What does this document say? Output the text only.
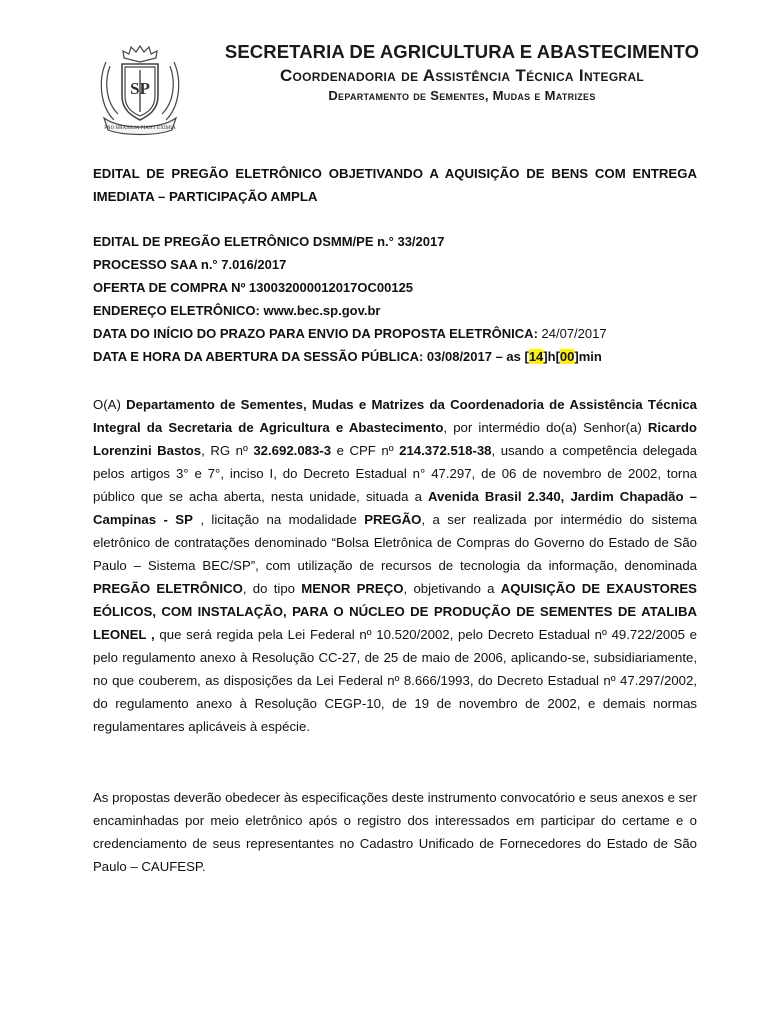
SP
PRO BRASILIA FIANT EXIMIA
SECRETARIA DE AGRICULTURA E ABASTECIMENTO
Coordenadoria de Assistência Técnica Integral
Departamento de Sementes, Mudas e Matrizes

EDITAL DE PREGÃO ELETRÔNICO OBJETIVANDO A AQUISIÇÃO DE BENS COM ENTREGA IMEDIATA – PARTICIPAÇÃO AMPLA

EDITAL DE PREGÃO ELETRÔNICO DSMM/PE n.° 33/2017
PROCESSO SAA n.° 7.016/2017
OFERTA DE COMPRA Nº 130032000012017OC00125
ENDEREÇO ELETRÔNICO: www.bec.sp.gov.br
DATA DO INÍCIO DO PRAZO PARA ENVIO DA PROPOSTA ELETRÔNICA: 24/07/2017
DATA E HORA DA ABERTURA DA SESSÃO PÚBLICA: 03/08/2017 – as [14]h[00]min

O(A) Departamento de Sementes, Mudas e Matrizes da Coordenadoria de Assistência Técnica Integral da Secretaria de Agricultura e Abastecimento, por intermédio do(a) Senhor(a) Ricardo Lorenzini Bastos, RG nº 32.692.083-3 e CPF nº 214.372.518-38, usando a competência delegada pelos artigos 3° e 7°, inciso I, do Decreto Estadual n° 47.297, de 06 de novembro de 2002, torna público que se acha aberta, nesta unidade, situada a Avenida Brasil 2.340, Jardim Chapadão – Campinas - SP , licitação na modalidade PREGÃO, a ser realizada por intermédio do sistema eletrônico de contratações denominado “Bolsa Eletrônica de Compras do Governo do Estado de São Paulo – Sistema BEC/SP”, com utilização de recursos de tecnologia da informação, denominada PREGÃO ELETRÔNICO, do tipo MENOR PREÇO, objetivando a AQUISIÇÃO DE EXAUSTORES EÓLICOS, COM INSTALAÇÃO, PARA O NÚCLEO DE PRODUÇÃO DE SEMENTES DE ATALIBA LEONEL , que será regida pela Lei Federal nº 10.520/2002, pelo Decreto Estadual nº 49.722/2005 e pelo regulamento anexo à Resolução CC-27, de 25 de maio de 2006, aplicando-se, subsidiariamente, no que couberem, as disposições da Lei Federal nº 8.666/1993, do Decreto Estadual nº 47.297/2002, do regulamento anexo à Resolução CEGP-10, de 19 de novembro de 2002, e demais normas regulamentares aplicáveis à espécie.

As propostas deverão obedecer às especificações deste instrumento convocatório e seus anexos e ser encaminhadas por meio eletrônico após o registro dos interessados em participar do certame e o credenciamento de seus representantes no Cadastro Unificado de Fornecedores do Estado de São Paulo – CAUFESP.
